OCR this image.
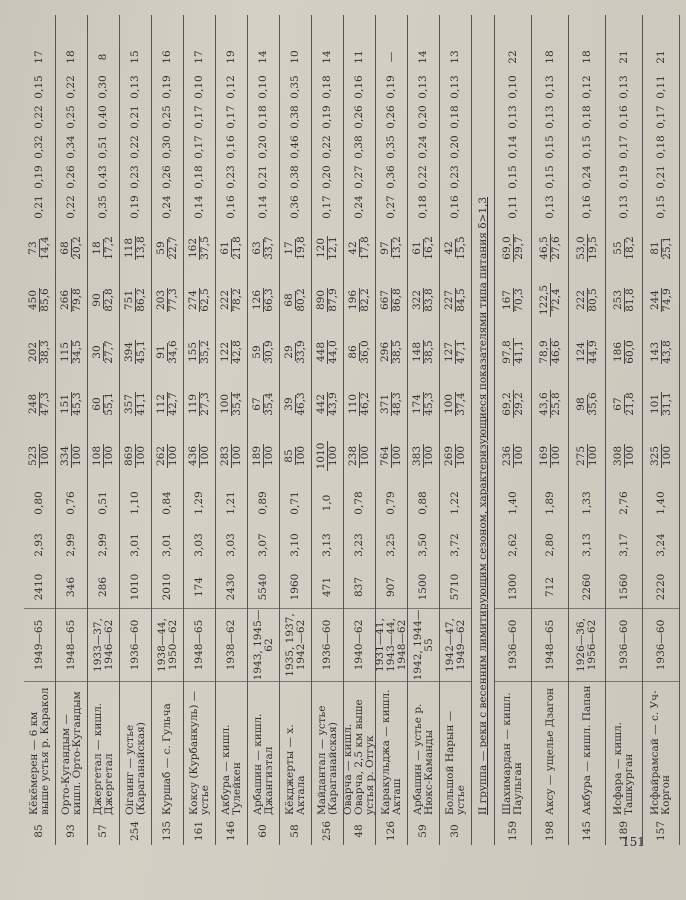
85
Кёкёмерен — 6 км выше устья р. Каракол
1949—65
2410
2,93
0,80
523 100
248 47,3
202 38,3
450 85,6
73 14,4
0,21
0,19
0,32
0,22
0,15
17
93
Орто-Кугандым — кишл. Орто-Кугандым
1948—65
346
2,99
0,76
334 100
151 45,3
115 34,5
266 79,8
68 20,2
0,22
0,26
0,34
0,25
0,22
18
57
Джергетал — кишл. Джергетал
1933—37, 1946—62
286
2,99
0,51
108 100
60 55,1
30 27,7
90 82,8
18 17,2
0,35
0,43
0,51
0,40
0,30
8
254
Оiгаинг — устье (Караганайская)
1936—60
1010
3,01
1,10
869 100
357 41,1
394 45,1
751 86,2
118 13,8
0,19
0,23
0,22
0,21
0,13
15
135
Куршаб — с. Гульча
1938—44, 1950—62
2010
3,01
0,84
262 100
112 42,7
91 34,6
203 77,3
59 22,7
0,24
0,26
0,30
0,25
0,19
16
161
Коксу (Курбанкуль) — устье
1948—65
174
3,03
1,29
436 100
119 27,3
155 35,2
274 62,5
162 37,5
0,14
0,18
0,17
0,17
0,10
17
146
Акбура — кишл. Тулейкен
1938—62
2430
3,03
1,21
283 100
100 35,4
122 42,8
222 78,2
61 21,8
0,16
0,23
0,16
0,17
0,12
19
60
Арбашин — кишл. Джангизтал
1943, 1945—62
5540
3,07
0,89
189 100
67 35,4
59 30,9
126 66,3
63 33,7
0,14
0,21
0,20
0,18
0,10
14
58
Кёкджерты — х. Актала
1935, 1937, 1942—62
1960
3,10
0,71
85 100
39 46,3
29 33,9
68 80,2
17 19,8
0,36
0,38
0,46
0,38
0,35
10
256
Майдантал — устье (Караганайская)
1936—60
471
3,13
1,0
1010 100
442 43,9
448 44,0
890 87,9
120 12,1
0,17
0,20
0,22
0,19
0,18
14
48
Оварча — кишл. Оварча, 2,5 км выше устья р. Отгук
1940—62
837
3,23
0,78
238 100
110 46,2
86 36,0
196 82,2
42 17,8
0,24
0,27
0,38
0,26
0,16
11
126
Каракульджа — кишл. Акташ
1931—41, 1943—44, 1948—62
907
3,25
0,79
764 100
371 48,3
296 38,5
667 86,8
97 13,2
0,27
0,36
0,35
0,26
0,19
—
59
Арбашин — устье р. Нюкс-Каманды
1942, 1944—55
1500
3,50
0,88
383 100
174 45,3
148 38,5
322 83,8
61 16,2
0,18
0,22
0,24
0,20
0,13
14
30
Большой Нарын — устье
1942—47, 1949—62
5710
3,72
1,22
269 100
100 37,4
127 47,1
227 84,5
42 15,5
0,16
0,23
0,20
0,18
0,13
13
II группа — реки с весенним лимитирующим сезоном, характеризующиеся показателями типа питания δ>1,3
159
Шахимардан — кишл. Паульган
1936—60
1300
2,62
1,40
236 100
69,2 29,2
97,8 41,1
167 70,3
69,0 29,7
0,11
0,15
0,14
0,13
0,10
22
198
Аксу — ущелье Дзагон
1948—65
712
2,80
1,89
169 100
43,6 25,8
78,9 46,6
122,5 72,4
46,5 27,6
0,13
0,15
0,15
0,13
0,13
18
145
Акбура — кишл. Папан
1926—36, 1956—62
2260
3,13
1,33
275 100
98 35,6
124 44,9
222 80,5
53,0 19,5
0,16
0,24
0,15
0,18
0,12
18
189
Исфара — кишл. Ташкурган
1936—60
1560
3,17
2,76
308 100
67 21,8
186 60,0
253 81,8
55 18,2
0,13
0,19
0,17
0,16
0,13
21
157
Исфайрамсай — с. Уч-Коргон
1936—60
2220
3,24
1,40
325 100
101 31,1
143 43,8
244 74,9
81 25,1
0,15
0,21
0,18
0,17
0,11
21
151
